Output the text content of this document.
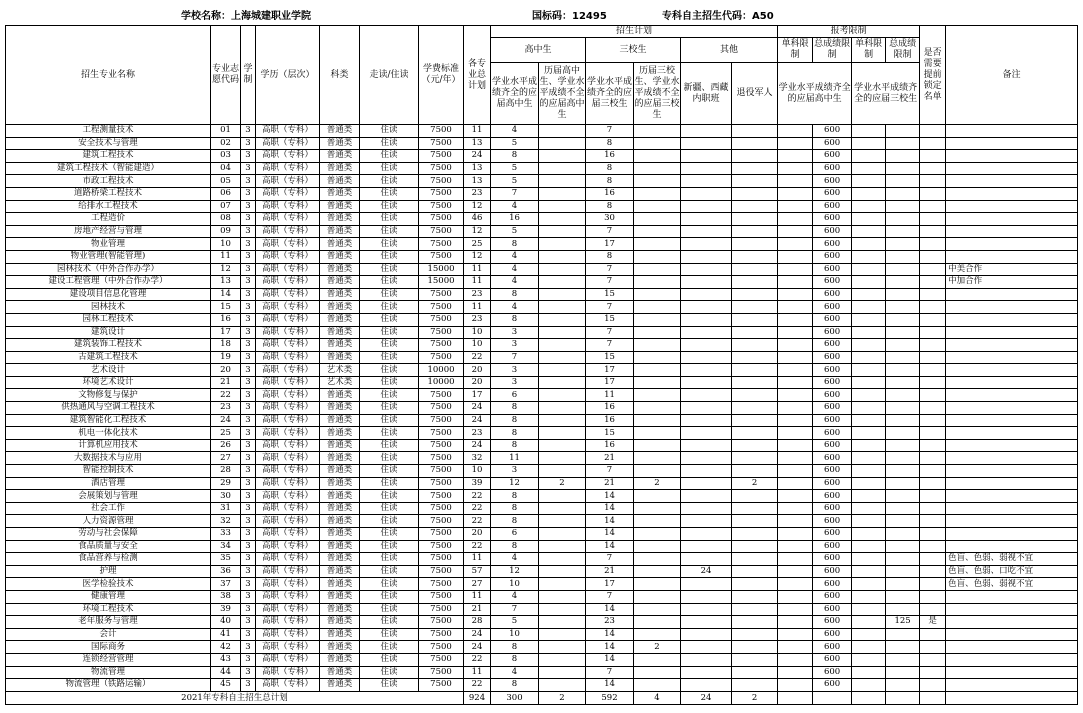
学校名称：上海城建职业学院	国标码：12495	专科自主招生代码：A50
招生专业名称	专业志愿代码	学制	学历（层次）	科类	走读/住读	学费标准（元/年）	各专业总计划	招生计划						报考限制				是否需要提前锁定名单	备注
								高中生		三校生		其他		单科限制	总成绩限制	单科限制	总成绩限制		
								学业水平成绩齐全的应届高中生	历届高中生、学业水平成绩不全的应届高中生	学业水平成绩齐全的应届三校生	历届三校生、学业水平成绩不全的应届三校生	新疆、西藏内职班	退役军人	学业水平成绩齐全的应届高中生		学业水平成绩齐全的应届三校生			
工程测量技术	01	3	高职（专科）	普通类	住读	7500	11	4		7					600				
安全技术与管理	02	3	高职（专科）	普通类	住读	7500	13	5		8					600				
建筑工程技术	03	3	高职（专科）	普通类	住读	7500	24	8		16					600				
建筑工程技术（智能建造）	04	3	高职（专科）	普通类	住读	7500	13	5		8					600				
市政工程技术	05	3	高职（专科）	普通类	住读	7500	13	5		8					600				
道路桥梁工程技术	06	3	高职（专科）	普通类	住读	7500	23	7		16					600				
给排水工程技术	07	3	高职（专科）	普通类	住读	7500	12	4		8					600				
工程造价	08	3	高职（专科）	普通类	住读	7500	46	16		30					600				
房地产经营与管理	09	3	高职（专科）	普通类	住读	7500	12	5		7					600				
物业管理	10	3	高职（专科）	普通类	住读	7500	25	8		17					600				
物业管理(智能管理)	11	3	高职（专科）	普通类	住读	7500	12	4		8					600				
园林技术（中外合作办学）	12	3	高职（专科）	普通类	住读	15000	11	4		7					600				中美合作
建设工程管理（中外合作办学）	13	3	高职（专科）	普通类	住读	15000	11	4		7					600				中加合作
建设项目信息化管理	14	3	高职（专科）	普通类	住读	7500	23	8		15					600				
园林技术	15	3	高职（专科）	普通类	住读	7500	11	4		7					600				
园林工程技术	16	3	高职（专科）	普通类	住读	7500	23	8		15					600				
建筑设计	17	3	高职（专科）	普通类	住读	7500	10	3		7					600				
建筑装饰工程技术	18	3	高职（专科）	普通类	住读	7500	10	3		7					600				
古建筑工程技术	19	3	高职（专科）	普通类	住读	7500	22	7		15					600				
艺术设计	20	3	高职（专科）	艺术类	住读	10000	20	3		17					600				
环境艺术设计	21	3	高职（专科）	艺术类	住读	10000	20	3		17					600				
文物修复与保护	22	3	高职（专科）	普通类	住读	7500	17	6		11					600				
供热通风与空调工程技术	23	3	高职（专科）	普通类	住读	7500	24	8		16					600				
建筑智能化工程技术	24	3	高职（专科）	普通类	住读	7500	24	8		16					600				
机电一体化技术	25	3	高职（专科）	普通类	住读	7500	23	8		15					600				
计算机应用技术	26	3	高职（专科）	普通类	住读	7500	24	8		16					600				
大数据技术与应用	27	3	高职（专科）	普通类	住读	7500	32	11		21					600				
智能控制技术	28	3	高职（专科）	普通类	住读	7500	10	3		7					600				
酒店管理	29	3	高职（专科）	普通类	住读	7500	39	12	2	21	2		2		600				
会展策划与管理	30	3	高职（专科）	普通类	住读	7500	22	8		14					600				
社会工作	31	3	高职（专科）	普通类	住读	7500	22	8		14					600				
人力资源管理	32	3	高职（专科）	普通类	住读	7500	22	8		14					600				
劳动与社会保障	33	3	高职（专科）	普通类	住读	7500	20	6		14					600				
食品质量与安全	34	3	高职（专科）	普通类	住读	7500	22	8		14					600				
食品营养与检测	35	3	高职（专科）	普通类	住读	7500	11	4		7					600				色盲、色弱、弱视不宜
护理	36	3	高职（专科）	普通类	住读	7500	57	12		21		24			600				色盲、色弱、口吃不宜
医学检验技术	37	3	高职（专科）	普通类	住读	7500	27	10		17					600				色盲、色弱、弱视不宜
健康管理	38	3	高职（专科）	普通类	住读	7500	11	4		7					600				
环境工程技术	39	3	高职（专科）	普通类	住读	7500	21	7		14					600				
老年服务与管理	40	3	高职（专科）	普通类	住读	7500	28	5		23					600		125	是	
会计	41	3	高职（专科）	普通类	住读	7500	24	10		14					600				
国际商务	42	3	高职（专科）	普通类	住读	7500	24	8		14	2				600				
连锁经营管理	43	3	高职（专科）	普通类	住读	7500	22	8		14					600				
物流管理	44	3	高职（专科）	普通类	住读	7500	11	4		7					600				
物流管理（铁路运输）	45	3	高职（专科）	普通类	住读	7500	22	8		14					600				
2021年专科自主招生总计划							924	300	2	592	4	24	2						
